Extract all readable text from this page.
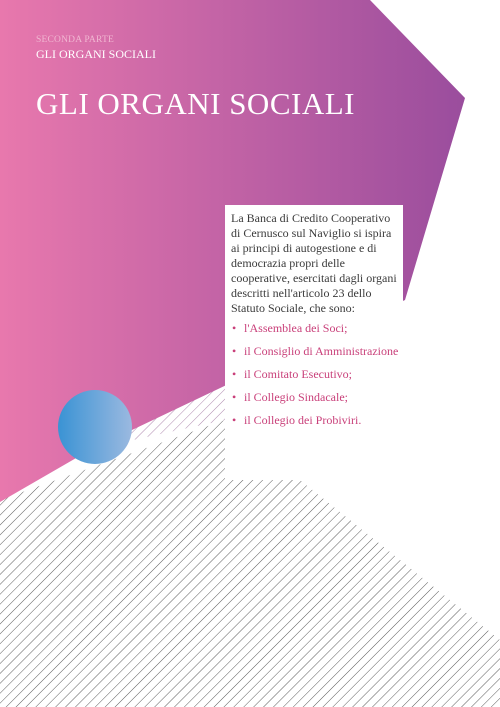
SECONDA PARTE

GLI ORGANI SOCIALI

GLI ORGANI SOCIALI

La Banca di Credito Cooperativo di Cernusco sul Naviglio si ispira ai principi di autogestione e di democrazia propri delle cooperative, esercitati dagli organi descritti nell'articolo 23 dello Statuto Sociale, che sono:

• l'Assemblea dei Soci;
• il Consiglio di Amministrazione
• il Comitato Esecutivo;
• il Collegio Sindacale;
• il Collegio dei Probiviri.
